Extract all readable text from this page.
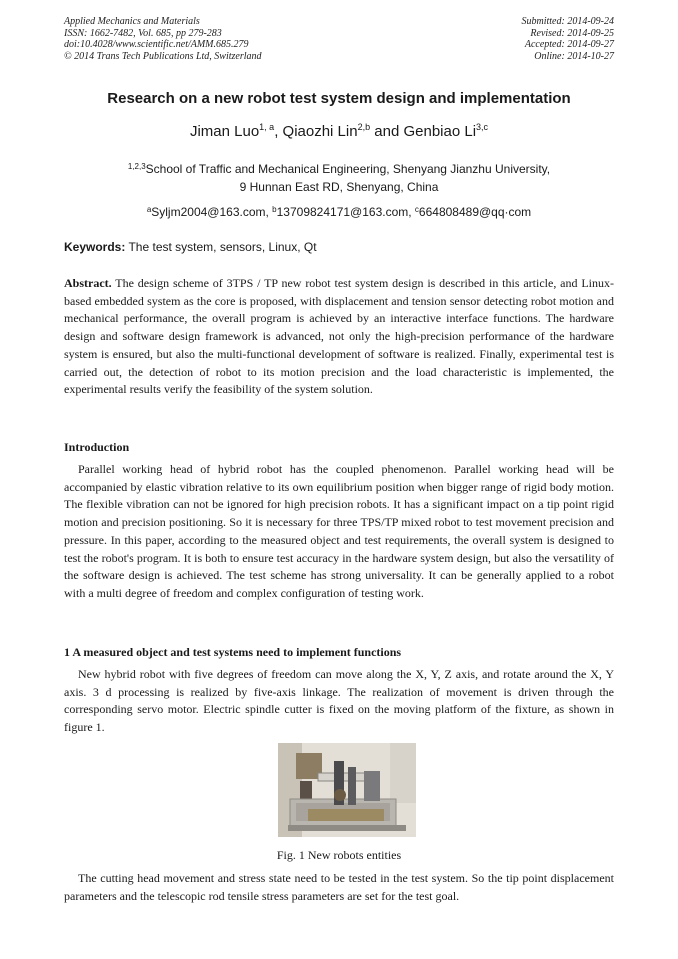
Applied Mechanics and Materials
ISSN: 1662-7482, Vol. 685, pp 279-283
doi:10.4028/www.scientific.net/AMM.685.279
© 2014 Trans Tech Publications Ltd, Switzerland
Submitted: 2014-09-24
Revised: 2014-09-25
Accepted: 2014-09-27
Online: 2014-10-27
Research on a new robot test system design and implementation
Jiman Luo$^{1, a}$, Qiaozhi Lin$^{2,b}$ and Genbiao Li$^{3,c}$
$^{1,2,3}$School of Traffic and Mechanical Engineering, Shenyang Jianzhu University,
9 Hunnan East RD, Shenyang, China
$^a$Syljm2004@163.com, $^b$13709824171@163.com, $^c$664808489@qq·com
Keywords: The test system, sensors, Linux, Qt
Abstract. The design scheme of 3TPS / TP new robot test system design is described in this article, and Linux-based embedded system as the core is proposed, with displacement and tension sensor detecting robot motion and mechanical performance, the overall program is achieved by an interactive interface functions. The hardware design and software design framework is advanced, not only the high-precision performance of the hardware system is ensured, but also the multi-functional development of software is realized. Finally, experimental test is carried out, the detection of robot to its motion precision and the load characteristic is implemented, the experimental results verify the feasibility of the system solution.
Introduction
Parallel working head of hybrid robot has the coupled phenomenon. Parallel working head will be accompanied by elastic vibration relative to its own equilibrium position when bigger range of rigid body motion. The flexible vibration can not be ignored for high precision robots. It has a significant impact on a tip point rigid motion and precision positioning. So it is necessary for three TPS/TP mixed robot to test movement precision and pressure. In this paper, according to the measured object and test requirements, the overall system is designed to test the robot's program. It is both to ensure test accuracy in the hardware system design, but also the versatility of the software design is achieved. The test scheme has strong universality. It can be generally applied to a robot with a multi degree of freedom and complex configuration of testing work.
1 A measured object and test systems need to implement functions
New hybrid robot with five degrees of freedom can move along the X, Y, Z axis, and rotate around the X, Y axis. 3 d processing is realized by five-axis linkage. The realization of movement is driven through the corresponding servo motor. Electric spindle cutter is fixed on the moving platform of the fixture, as shown in figure 1.
Fig. 1 New robots entities
The cutting head movement and stress state need to be tested in the test system. So the tip point displacement parameters and the telescopic rod tensile stress parameters are set for the test goal.
